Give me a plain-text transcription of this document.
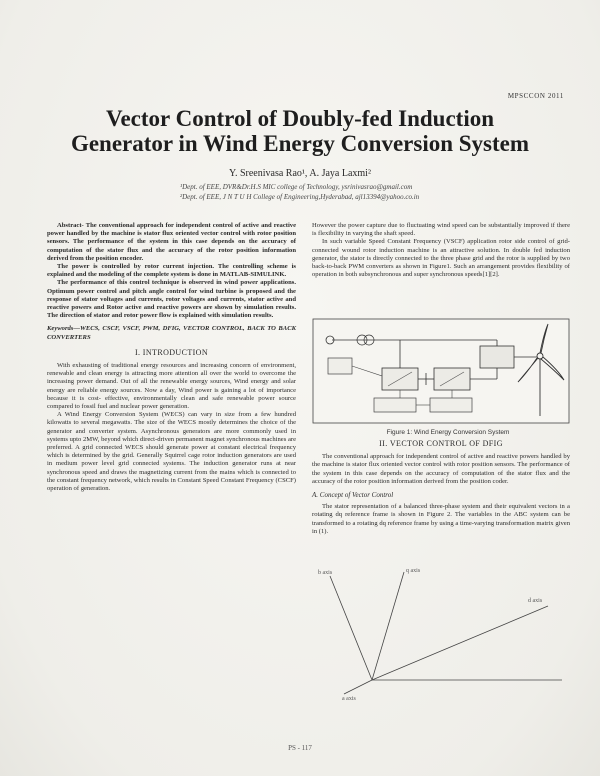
MPSCCON 2011
Vector Control of Doubly-fed Induction
Generator in Wind Energy Conversion System
Y. Sreenivasa Rao¹, A. Jaya Laxmi²
¹Dept. of EEE, DVR&Dr.H.S MIC college of Technology, ysrinivasrao@gmail.com
²Dept. of EEE, J N T U H College of Engineering,Hyderabad, ajl13394@yahoo.co.in

Abstract- The conventional approach for independent control of active and reactive power handled by the machine is stator flux oriented vector control with rotor position sensors. The performance of the system in this case depends on the accuracy of computation of the stator flux and the accuracy of the rotor position information derived from the position encoder.

The power is controlled by rotor current injection. The controlling scheme is explained and the modeling of the complete system is done in MATLAB-SIMULINK.

The performance of this control technique is observed in wind power applications. Optimum power control and pitch angle control for wind turbine is proposed and the response of stator voltages and currents, rotor voltages and currents, stator active and reactive powers and Rotor active and reactive powers are shown by simulation results. The direction of stator and rotor power flow is explained with simulation results.

Keywords—WECS, CSCF, VSCF, PWM, DFIG, VECTOR CONTROL, BACK TO BACK CONVERTERS

I. INTRODUCTION

With exhausting of traditional energy resources and increasing concern of environment, renewable and clean energy is attracting more attention all over the world to overcome the increasing power demand. Out of all the renewable energy sources, Wind energy and solar energy are reliable energy sources. Now a day, Wind power is gaining a lot of importance because it is cost- effective, environmentally clean and safe renewable power source compared to fossil fuel and nuclear power generation.

A Wind Energy Conversion System (WECS) can vary in size from a few hundred kilowatts to several megawatts. The size of the WECS mostly determines the choice of the generator and converter system. Asynchronous generators are more commonly used in systems upto 2MW, beyond which direct-driven permanent magnet synchronous machines are preferred. A grid connected WECS should generate power at constant electrical frequency which is determined by the grid. Generally Squirrel cage rotor induction generators are used in medium power level grid connected systems. The induction generator runs at near synchronous speed and draws the magnetizing current from the mains which is connected to the constant frequency network, which results in Constant Speed Constant Frequency (CSCF) operation of generation.

However the power capture due to fluctuating wind speed can be substantially improved if there is flexibility in varying the shaft speed.

In such variable Speed Constant Frequency (VSCF) application rotor side control of grid-connected wound rotor induction machine is an attractive solution. In double fed induction generator, the stator is directly connected to the three phase grid and the rotor is supplied by two back-to-back PWM converters as shown in Figure1. Such an arrangement provides flexibility of operation in both subsynchronous and super synchronous speeds[1][2].

Figure 1: Wind Energy Conversion System
II. VECTOR CONTROL OF DFIG

The conventional approach for independent control of active and reactive powers handled by the machine is stator flux oriented vector control with rotor position sensors. The performance of the system in this case depends on the accuracy of computation of the stator flux and the accuracy of the rotor position information derived from the position coder.

A. Concept of Vector Control

The stator representation of a balanced three-phase system and their equivalent vectors in a rotating dq reference frame is shown in Figure 2. The variables in the ABC system can be transformed to a rotating dq reference frame by using a time-varying transformation matrix given in (1).

b axis	q axis
d axis
a axis
PS - 117
